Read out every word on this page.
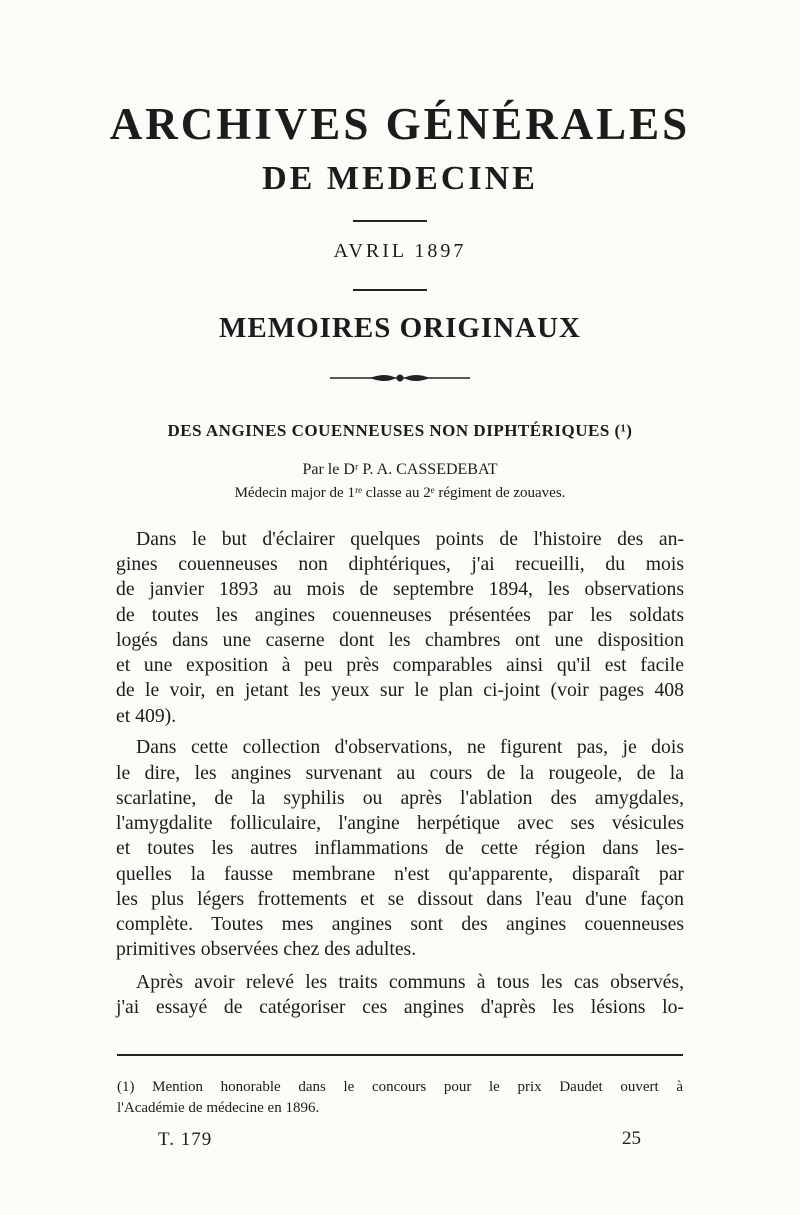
ARCHIVES GÉNÉRALES
DE MEDECINE
AVRIL 1897
MEMOIRES ORIGINAUX
DES ANGINES COUENNEUSES NON DIPHTÉRIQUES (¹)
Par le Dʳ P. A. CASSEDEBAT
Médecin major de 1ʳᵉ classe au 2ᵉ régiment de zouaves.
Dans le but d'éclairer quelques points de l'histoire des an-
gines couenneuses non diphtériques, j'ai recueilli, du mois
de janvier 1893 au mois de septembre 1894, les observations
de toutes les angines couenneuses présentées par les soldats
logés dans une caserne dont les chambres ont une disposition
et une exposition à peu près comparables ainsi qu'il est facile
de le voir, en jetant les yeux sur le plan ci-joint (voir pages 408
et 409).
Dans cette collection d'observations, ne figurent pas, je dois
le dire, les angines survenant au cours de la rougeole, de la
scarlatine, de la syphilis ou après l'ablation des amygdales,
l'amygdalite folliculaire, l'angine herpétique avec ses vésicules
et toutes les autres inflammations de cette région dans les-
quelles la fausse membrane n'est qu'apparente, disparaît par
les plus légers frottements et se dissout dans l'eau d'une façon
complète. Toutes mes angines sont des angines couenneuses
primitives observées chez des adultes.
Après avoir relevé les traits communs à tous les cas observés,
j'ai essayé de catégoriser ces angines d'après les lésions lo-
(1) Mention honorable dans le concours pour le prix Daudet ouvert à
l'Académie de médecine en 1896.
T. 179	25
